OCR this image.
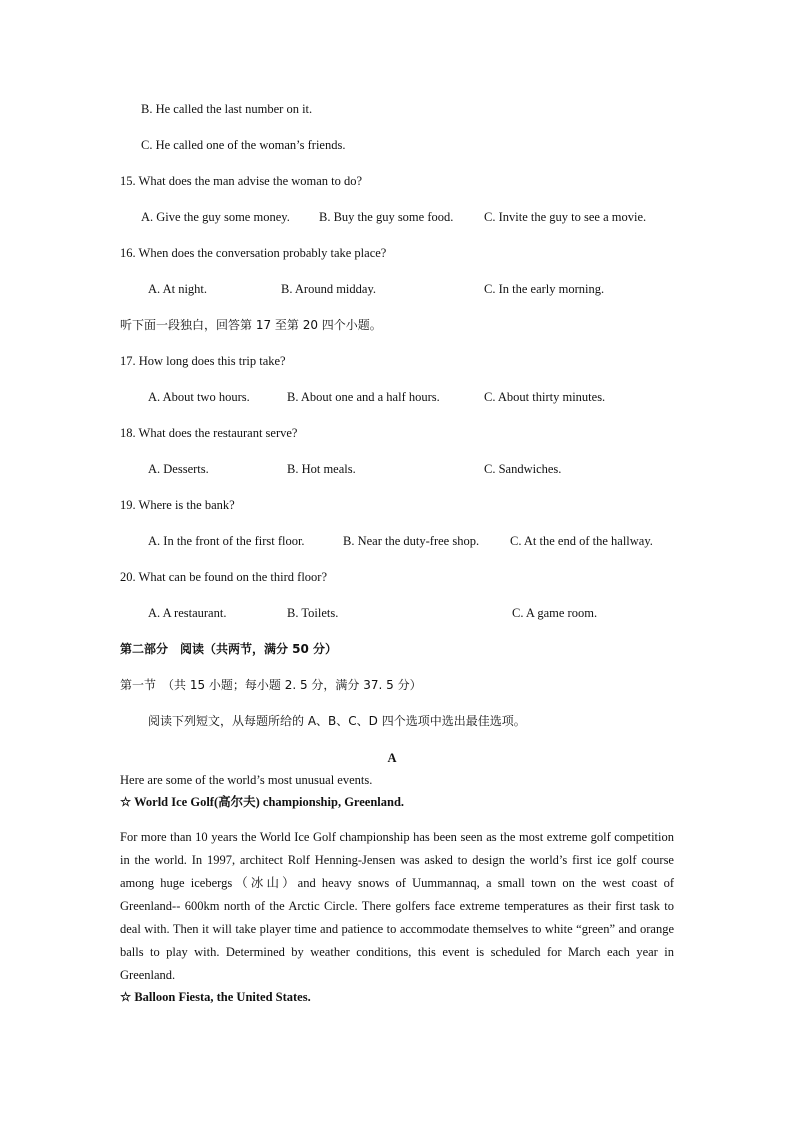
B. He called the last number on it.
C. He called one of the woman’s friends.
15. What does the man advise the woman to do?
A. Give the guy some money. B. Buy the guy some food. C. Invite the guy to see a movie.
16. When does the conversation probably take place?
A. At night.	B. Around midday.	C. In the early morning.
听下面一段独白，回答第 17 至第 20 四个小题。
17. How long does this trip take?
A. About two hours.	B. About one and a half hours.	C. About thirty minutes.
18. What does the restaurant serve?
A. Desserts.	B. Hot meals.	C. Sandwiches.
19. Where is the bank?
A. In the front of the first floor.	B. Near the duty-free shop. C. At the end of the hallway.
20. What can be found on the third floor?
A. A restaurant.	B. Toilets.	C. A game room.
第二部分　阅读（共两节，满分 50 分）
第一节　（共 15 小题；每小题 2. 5 分，满分 37. 5 分）
阅读下列短文，从每题所给的 A、B、C、D 四个选项中选出最佳选项。
A
Here are some of the world’s most unusual events.
☆ World Ice Golf(高尔夫) championship, Greenland.
For more than 10 years the World Ice Golf championship has been seen as the most extreme golf competition in the world. In 1997, architect Rolf Henning-Jensen was asked to design the world’s first ice golf course among huge icebergs（冰山）and heavy snows of Uummannaq, a small town on the west coast of Greenland-- 600km north of the Arctic Circle. There golfers face extreme temperatures as their first task to deal with. Then it will take player time and patience to accommodate themselves to white “green” and orange balls to play with. Determined by weather conditions, this event is scheduled for March each year in Greenland.
☆ Balloon Fiesta, the United States.
